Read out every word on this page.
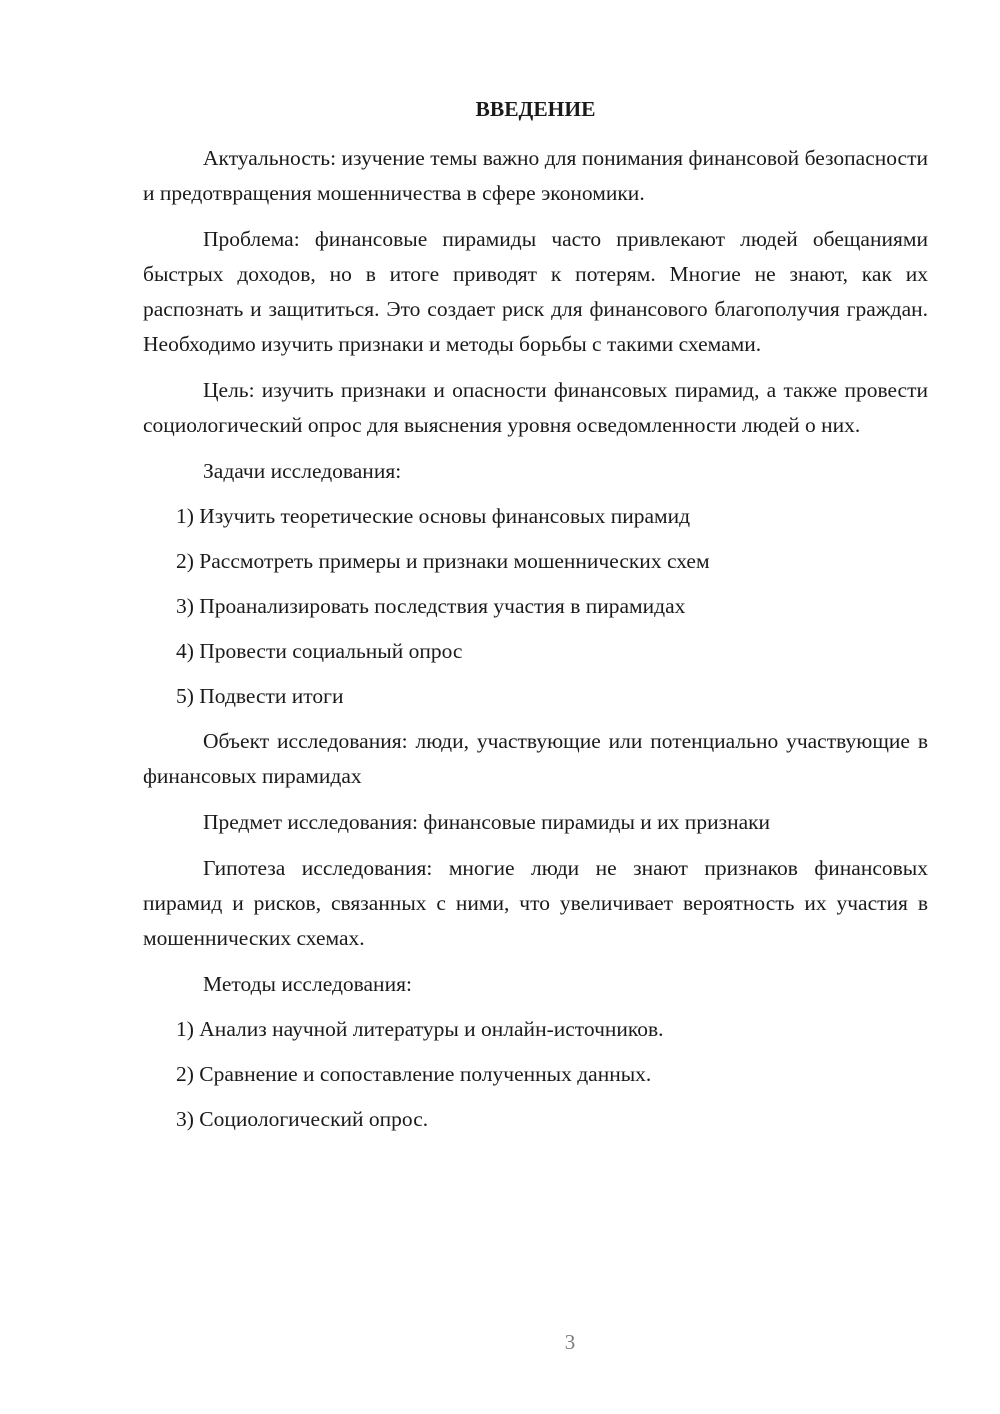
ВВЕДЕНИЕ

Актуальность: изучение темы важно для понимания финансовой безопасности и предотвращения мошенничества в сфере экономики.

Проблема: финансовые пирамиды часто привлекают людей обещаниями быстрых доходов, но в итоге приводят к потерям. Многие не знают, как их распознать и защититься. Это создает риск для финансового благополучия граждан. Необходимо изучить признаки и методы борьбы с такими схемами.

Цель: изучить признаки и опасности финансовых пирамид, а также провести социологический опрос для выяснения уровня осведомленности людей о них.

Задачи исследования:
1) Изучить теоретические основы финансовых пирамид
2) Рассмотреть примеры и признаки мошеннических схем
3) Проанализировать последствия участия в пирамидах
4) Провести социальный опрос
5) Подвести итоги

Объект исследования: люди, участвующие или потенциально участвующие в финансовых пирамидах

Предмет исследования: финансовые пирамиды и их признаки

Гипотеза исследования: многие люди не знают признаков финансовых пирамид и рисков, связанных с ними, что увеличивает вероятность их участия в мошеннических схемах.

Методы исследования:
1) Анализ научной литературы и онлайн-источников.
2) Сравнение и сопоставление полученных данных.
3) Социологический опрос.
3
